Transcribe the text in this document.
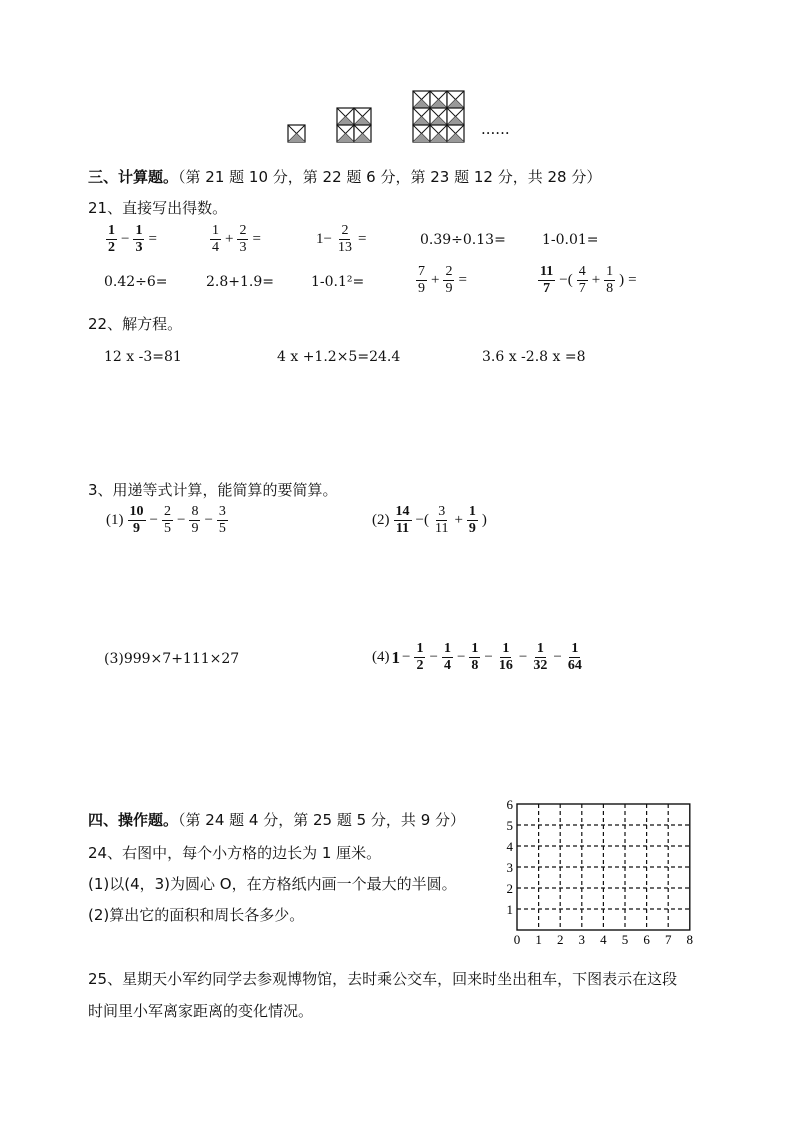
......
三、计算题。（第 21 题 10 分，第 22 题 6 分，第 23 题 12 分，共 28 分）
21、直接写出得数。
$\frac{1}{2} - \frac{1}{3}$ =	$\frac{1}{4} + \frac{2}{3}$ =	$1- \frac{2}{13}$ =	0.39÷0.13=	1-0.01=
0.42÷6=	2.8+1.9=	1-0.1²=	$\frac{7}{9} + \frac{2}{9}$ =	$\frac{11}{7}$ −( $\frac{4}{7} + \frac{1}{8}$ ) =
22、解方程。
12 x -3=81	4 x +1.2×5=24.4	3.6 x -2.8 x =8
3、用递等式计算，能简算的要简算。
$(1) \frac{10}{9} - \frac{2}{5} - \frac{8}{9} - \frac{3}{5}$	$(2) \frac{14}{11}$ −( $\frac{3}{11} + \frac{1}{9}$ )
(3)999×7+111×27	(4) $1 - \frac{1}{2} - \frac{1}{4} - \frac{1}{8} - \frac{1}{16} - \frac{1}{32} - \frac{1}{64}$
四、操作题。（第 24 题 4 分，第 25 题 5 分，共 9 分）
24、右图中，每个小方格的边长为 1 厘米。
(1)以(4，3)为圆心 O，在方格纸内画一个最大的半圆。
(2)算出它的面积和周长各多少。
0 1 2 3 4 5 6 7 8
1
2
3
4
5
6
25、星期天小军约同学去参观博物馆，去时乘公交车，回来时坐出租车，下图表示在这段
时间里小军离家距离的变化情况。
